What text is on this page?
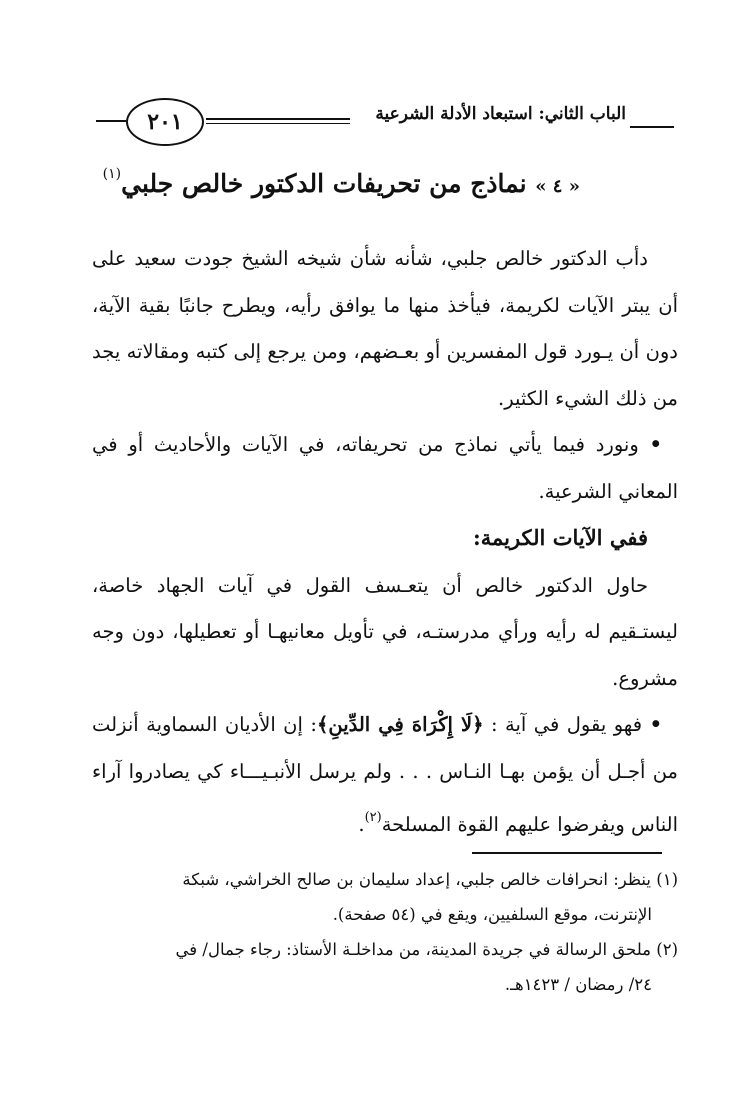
الباب الثاني: استبعاد الأدلة الشرعية
٢٠١
« ٤ » نماذج من تحريفات الدكتور خالص جلبي$^{(١)}$

دأب الدكتور خالص جلبي، شأنه شأن شيخه الشيخ جودت سعيد على أن يبتر الآيات لكريمة، فيأخذ منها ما يوافق رأيه، ويطرح جانبًا بقية الآية، دون أن يـورد قول المفسرين أو بعـضهم، ومن يرجع إلى كتبه ومقالاته يجد من ذلك الشيء الكثير.

• ونورد فيما يأتي نماذج من تحريفاته، في الآيات والأحاديث أو في المعاني الشرعية.

ففي الآيات الكريمة:

حاول الدكتور خالص أن يتعـسف القول في آيات الجهاد خاصة، ليستـقيم له رأيه ورأي مدرستـه، في تأويل معانيهـا أو تعطيلها، دون وجه مشروع.

• فهو يقول في آية : ﴿لَا إِكْرَاهَ فِي الدِّينِ﴾: إن الأديان السماوية أنزلت من أجـل أن يؤمن بهـا النـاس . . . ولم يرسل الأنبـيـــاء كي يصادروا آراء الناس ويفرضوا عليهم القوة المسلحة$^{(٢)}$.

(١) ينظر: انحرافات خالص جلبي، إعداد سليمان بن صالح الخراشي، شبكة

الإنترنت، موقع السلفيين، ويقع في (٥٤ صفحة).

(٢) ملحق الرسالة في جريدة المدينة، من مداخلـة الأستاذ: رجاء جمال/ في

٢٤/ رمضان / ١٤٢٣هـ.
